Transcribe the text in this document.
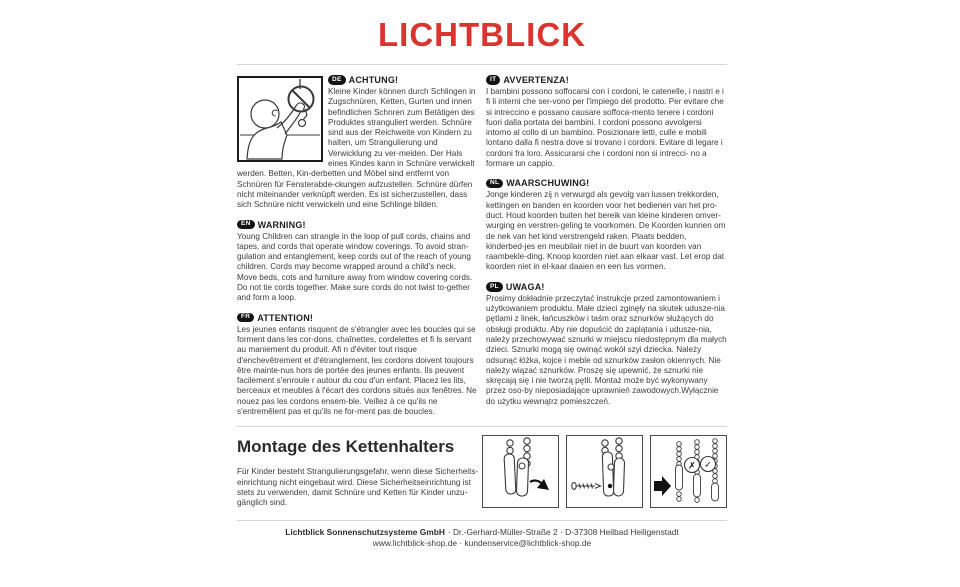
LICHTBLICK
DE ACHTUNG!
Kleine Kinder können durch Schlingen in Zugschnüren, Ketten, Gurten und innen befindlichen Schnren zum Betätigen des Produktes stranguliert werden. Schnüre sind aus der Reichweite von Kindern zu halten, um Strangulierung und Verwicklung zu ver-meiden. Der Hals eines Kindes kann in Schnüre verwickelt werden. Betten, Kin-derbetten und Möbel sind entfernt von Schnüren für Fensterabde-ckungen aufzustellen. Schnüre dürfen nicht miteinander verknüpft werden. Es ist sicherzustellen, dass sich Schnüre nicht verwickeln und eine Schlinge bilden.
EN WARNING!
Young Children can strangle in the loop of pull cords, chains and tapes, and cords that operate window coverings. To avoid stran-gulation and entanglement, keep cords out of the reach of young children. Cords may become wrapped around a child's neck. Move beds, cots and furniture away from window covering cords. Do not tie cords together. Make sure cords do not twist to-gether and form a loop.
FR ATTENTION!
Les jeunes enfants risquent de s'étrangler avec les boucles qui se forment dans les cor-dons, chaînettes, cordelettes et fi ls servant au maniement du produit. Afi n d'éviter tout risque d'enchevêtrement et d'étranglement, les cordons doivent toujours être mainte-nus hors de portée des jeunes enfants. Ils peuvent facilement s'enroule r autour du cou d'un enfant. Placez les lits, berceaux et meubles à l'écart des cordons situés aux fenêtres. Ne nouez pas les cordons ensem-ble. Veillez à ce qu'ils ne s'entremêlent pas et qu'ils ne for-ment pas de boucles.
IT AVVERTENZA!
I bambini possono soffocarsi con i cordoni, le catenelle, i nastri e i fi li interni che ser-vono per l'impiego del prodotto. Per evitare che si intreccino e possano causare soffoca-mento tenere i cordoni fuori dalla portata dei bambini. I cordoni possono avvolgersi intorno al collo di un bambino. Posizionare letti, culle e mobili lontano dalla fi nestra dove si trovano i cordoni. Evitare di legare i cordoni fra loro. Assicurarsi che i cordoni non si intrecci- no a formare un cappio.
NL WAARSCHUWING!
Jonge kinderen zij n verwurgd als gevolg van lussen trekkorden, kettingen en banden en koorden voor het bedienen van het pro-duct. Houd koorden buiten het bereik van kleine kinderen omver-wurging en verstren-geling te voorkomen. De Koorden kunnen om de nek van het kind verstrengeld raken. Plaats bedden, kinderbed-jes en meubilair niet in de buurt van koorden van raambekle-ding. Knoop koorden niet aan elkaar vast. Let erop dat koorden niet in el-kaar daaien en een lus vormen.
PL UWAGA!
Prosimy dokładnie przeczytać instrukcje przed zamontowaniem i użytkowaniem produktu. Małe dzieci zginęły na skutek udusze-nia pętlami z linek, łańcuszków i taśm oraz sznurków służących do obsługi produktu. Aby nie dopuścić do zaplątania i udusze-nia, należy przechowywać sznurki w miejscu niedostępnym dla małych dzieci. Sznurki mogą się owinąć wokół szyi dziecka. Należy odsunąć łóżka, kojce i meble od sznurków zasłon okiennych. Nie należy wiązać sznurków. Proszę się upewnić, że sznurki nie skręcają się i nie tworzą pętli. Montaż może być wykonywany przez oso-by nieposiadające uprawnień zawodowych.Wyłącznie do użytku wewnątrz pomieszczeń.
Montage des Kettenhalters
Für Kinder besteht Strangulierungsgefahr, wenn diese Sicherheits-einrichtung nicht eingebaut wird. Diese Sicherheitseinrichtung ist stets zu verwenden, damit Schnüre und Ketten für Kinder unzu-gänglich sind.
✗ ✓
Lichtblick Sonnenschutzsysteme GmbH · Dr.-Gerhard-Müller-Straße 2 · D-37308 Heilbad Heiligenstadt
www.lichtblick-shop.de · kundenservice@lichtblick-shop.de
